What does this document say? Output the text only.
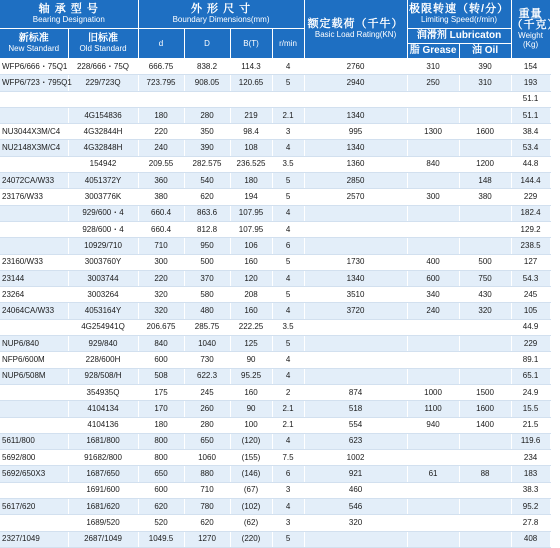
轴 承 型 号
Bearing Designation		外 形 尺 寸
Boundary Dimensions(mm)				额定载荷（千牛）
Basic Load Rating(KN)	极限转速（转/分）
Limiting Speed(r/min)		重量
（千克）
Weight
(Kg)

新标准
New Standard	旧标准
Old Standard	d	D	B(T)	r/min		润滑剂 Lubricaton		
							脂 Grease	油 Oil	
WFP6/666・75Q1	228/666・75Q	666.75	838.2	114.3	4	2760	310	390	154
WFP6/723・795Q1	229/723Q	723.795	908.05	120.65	5	2940	250	310	193
									51.1
	4G154836	180	280	219	2.1	1340			51.1
NU3044X3M/C4	4G32844H	220	350	98.4	3	995	1300	1600	38.4
NU2148X3M/C4	4G32848H	240	390	108	4	1340			53.4
	154942	209.55	282.575	236.525	3.5	1360	840	1200	44.8
24072CA/W33	4051372Y	360	540	180	5	2850		148	144.4
23176/W33	3003776K	380	620	194	5	2570	300	380	229
	929/600・4	660.4	863.6	107.95	4				182.4
	928/600・4	660.4	812.8	107.95	4				129.2
	10929/710	710	950	106	6				238.5
23160/W33	3003760Y	300	500	160	5	1730	400	500	127
23144	3003744	220	370	120	4	1340	600	750	54.3
23264	3003264	320	580	208	5	3510	340	430	245
24064CA/W33	4053164Y	320	480	160	4	3720	240	320	105
	4G254941Q	206.675	285.75	222.25	3.5				44.9
NUP6/840	929/840	840	1040	125	5				229
NFP6/600M	228/600H	600	730	90	4				89.1
NUP6/508M	928/508/H	508	622.3	95.25	4				65.1
	354935Q	175	245	160	2	874	1000	1500	24.9
	4104134	170	260	90	2.1	518	1100	1600	15.5
	4104136	180	280	100	2.1	554	940	1400	21.5
5611/800	1681/800	800	650	(120)	4	623			119.6
5692/800	91682/800	800	1060	(155)	7.5	1002			234
5692/650X3	1687/650	650	880	(146)	6	921	61	88	183
	1691/600	600	710	(67)	3	460			38.3
5617/620	1681/620	620	780	(102)	4	546			95.2
	1689/520	520	620	(62)	3	320			27.8
2327/1049	2687/1049	1049.5	1270	(220)	5				408
